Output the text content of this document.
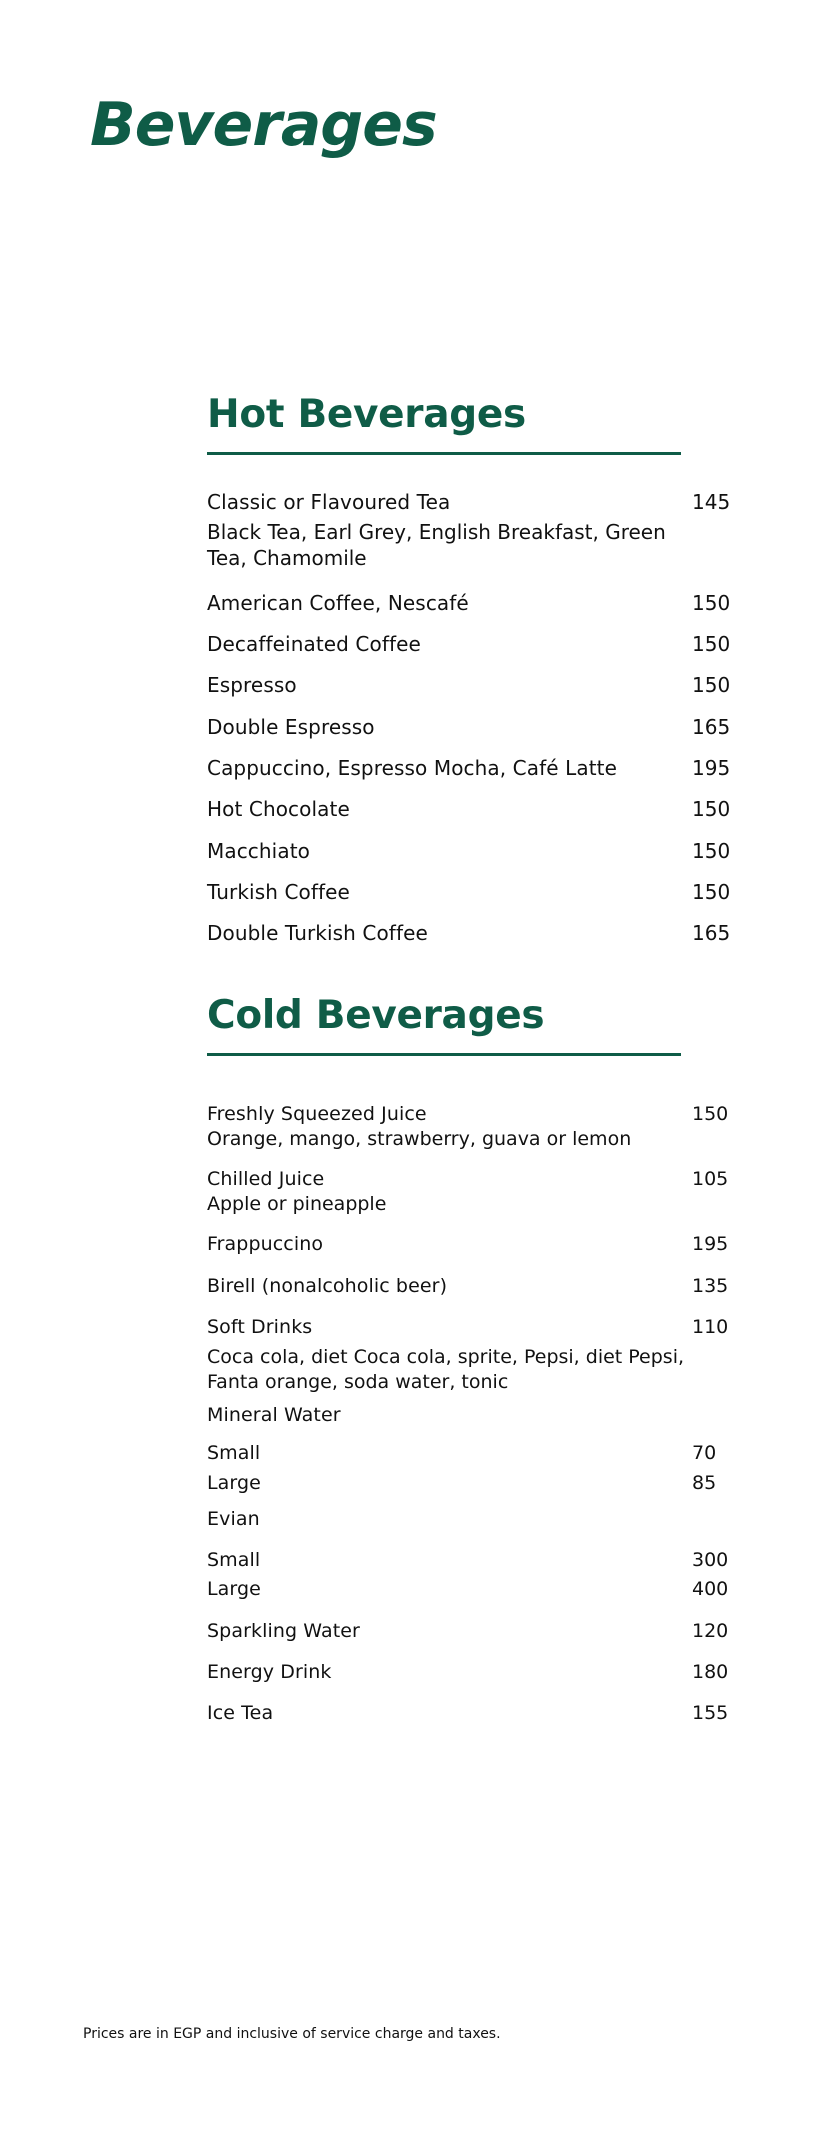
Beverages
Hot Beverages
Classic or Flavoured Tea	145
Black Tea, Earl Grey, English Breakfast, Green Tea, Chamomile
American Coffee, Nescafé	150
Decaffeinated Coffee	150
Espresso	150
Double Espresso	165
Cappuccino, Espresso Mocha, Café Latte	195
Hot Chocolate	150
Macchiato	150
Turkish Coffee	150
Double Turkish Coffee	165
Cold Beverages
Freshly Squeezed Juice	150
Orange, mango, strawberry, guava or lemon
Chilled Juice	105
Apple or pineapple
Frappuccino	195
Birell (nonalcoholic beer)	135
Soft Drinks	110
Coca cola, diet Coca cola, sprite, Pepsi, diet Pepsi, Fanta orange, soda water, tonic
Mineral Water
Small	70
Large	85
Evian
Small	300
Large	400
Sparkling Water	120
Energy Drink	180
Ice Tea	155
Prices are in EGP and inclusive of service charge and taxes.
